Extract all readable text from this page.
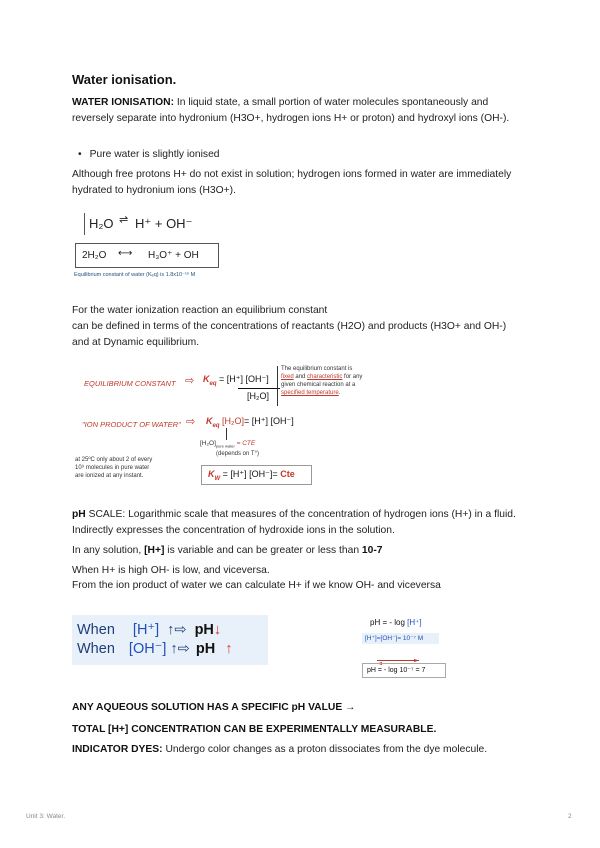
Water ionisation.

WATER IONISATION: In liquid state, a small portion of water molecules spontaneously and reversely separate into hydronium (H3O+, hydrogen ions H+ or proton) and hydroxyl ions (OH-).

• Pure water is slightly ionised

Although free protons H+ do not exist in solution; hydrogen ions formed in water are immediately hydrated to hydronium ions (H3O+).

H₂O ⇌ H⁺ + OH⁻
2H₂O ⟷ H₃O⁺ + OH
Equilibrium constant of water (Kₑq) is 1.8x10⁻¹⁶ M

For the water ionization reaction an equilibrium constant

can be defined in terms of the concentrations of reactants (H2O) and products (H3O+ and OH-) and at Dynamic equilibrium.

EQUILIBRIUM CONSTANT ⇨ $K_{eq} = [H^+]$ [OH⁻]
[H₂O]
The equilibrium constant is
fixed and characteristic for any
given chemical reaction at a
specified temperature.
"ION PRODUCT OF WATER" ⇨ $K_{eq}$ [H₂O]= [H⁺] [OH⁻]
$[H_2O]_{pure water}$ = CTE
(depends on T°)
at 25ºC only about 2 of every
10⁹ molecules in pure water
are ionized at any instant.	$K_W = [H^+]$ [OH⁻]= Cte

pH SCALE: Logarithmic scale that measures of the concentration of hydrogen ions (H+) in a fluid. Indirectly expresses the concentration of hydroxide ions in the solution.

In any solution, [H+] is variable and can be greater or less than 10-7

When H+ is high OH- is low, and viceversa.

From the ion product of water we can calculate H+ if we know OH- and viceversa

When [H⁺] ↑⇨ pH↓
When [OH⁻] ↑⇨ pH ↑
pH = - log [H⁺]
[H⁺]=[OH⁻]= 10⁻⁷ M
pH = - log 10⁻⁷ = 7

ANY AQUEOUS SOLUTION HAS A SPECIFIC pH VALUE →

TOTAL [H+] CONCENTRATION CAN BE EXPERIMENTALLY MEASURABLE.

INDICATOR DYES: Undergo color changes as a proton dissociates from the dye molecule.

Unit 3: Water.	2
